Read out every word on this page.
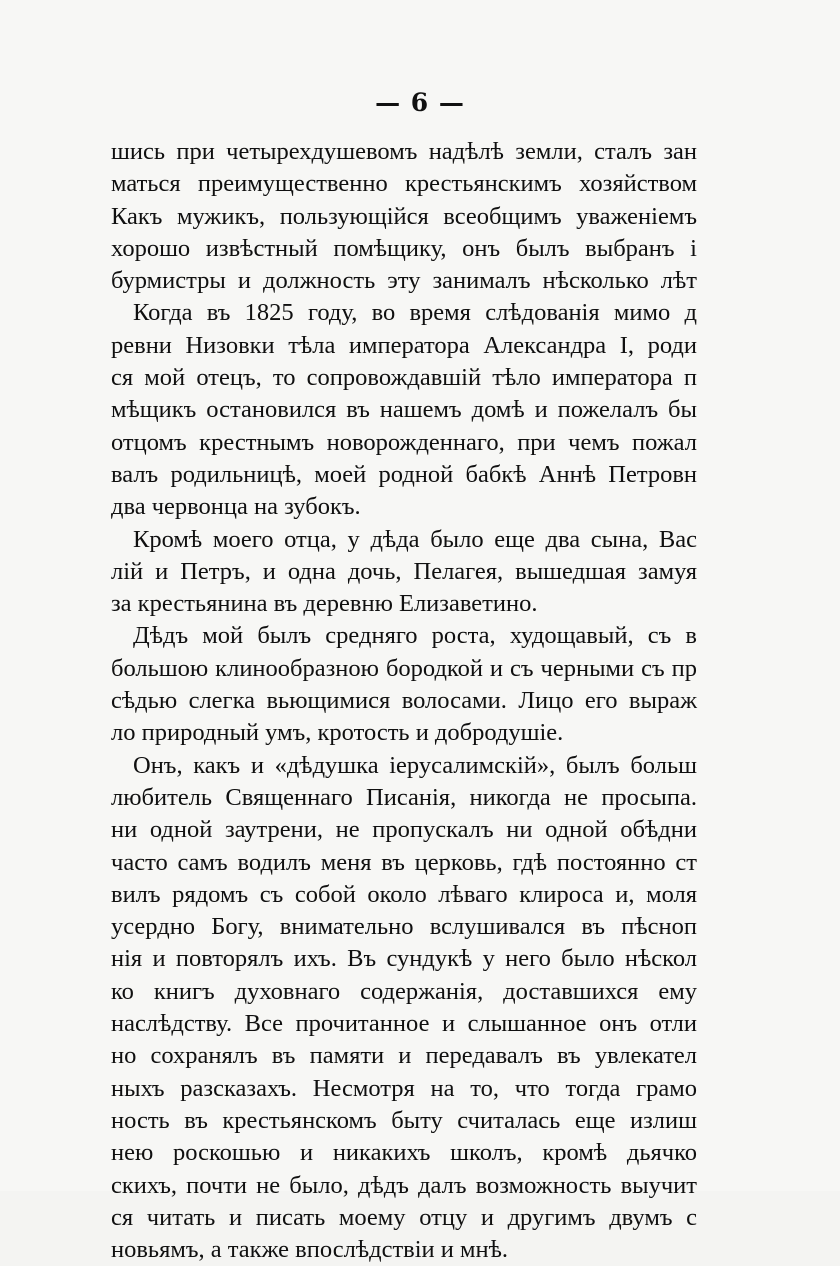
— 6 —
шись при четырехдушевомъ надѣлѣ земли, сталъ зан
маться преимущественно крестьянскимъ хозяйством
Какъ мужикъ, пользующійся всеобщимъ уваженіемъ
хорошо извѣстный помѣщику, онъ былъ выбранъ і
бурмистры и должность эту занималъ нѣсколько лѣт
Когда въ 1825 году, во время слѣдованія мимо д
ревни Низовки тѣла императора Александра I, роди
ся мой отецъ, то сопровождавшій тѣло императора п
мѣщикъ остановился въ нашемъ домѣ и пожелалъ бы
отцомъ крестнымъ новорожденнаго, при чемъ пожал
валъ родильницѣ, моей родной бабкѣ Аннѣ Петровн
два червонца на зубокъ.
Кромѣ моего отца, у дѣда было еще два сына, Вас
лій и Петръ, и одна дочь, Пелагея, вышедшая замуя
за крестьянина въ деревню Елизаветино.
Дѣдъ мой былъ средняго роста, худощавый, съ в
большою клинообразною бородкой и съ черными съ пр
сѣдью слегка вьющимися волосами. Лицо его выраж
ло природный умъ, кротость и добродушіе.
Онъ, какъ и «дѣдушка іерусалимскій», былъ больш
любитель Священнаго Писанія, никогда не просыпа.
ни одной заутрени, не пропускалъ ни одной обѣдни
часто самъ водилъ меня въ церковь, гдѣ постоянно ст
вилъ рядомъ съ собой около лѣваго клироса и, моля
усердно Богу, внимательно вслушивался въ пѣсноп
нія и повторялъ ихъ. Въ сундукѣ у него было нѣскол
ко книгъ духовнаго содержанія, доставшихся ему
наслѣдству. Все прочитанное и слышанное онъ отли
но сохранялъ въ памяти и передавалъ въ увлекател
ныхъ разсказахъ. Несмотря на то, что тогда грамо
ность въ крестьянскомъ быту считалась еще излиш
нею роскошью и никакихъ школъ, кромѣ дьячко
скихъ, почти не было, дѣдъ далъ возможность выучит
ся читать и писать моему отцу и другимъ двумъ с
новьямъ, а также впослѣдствіи и мнѣ.
